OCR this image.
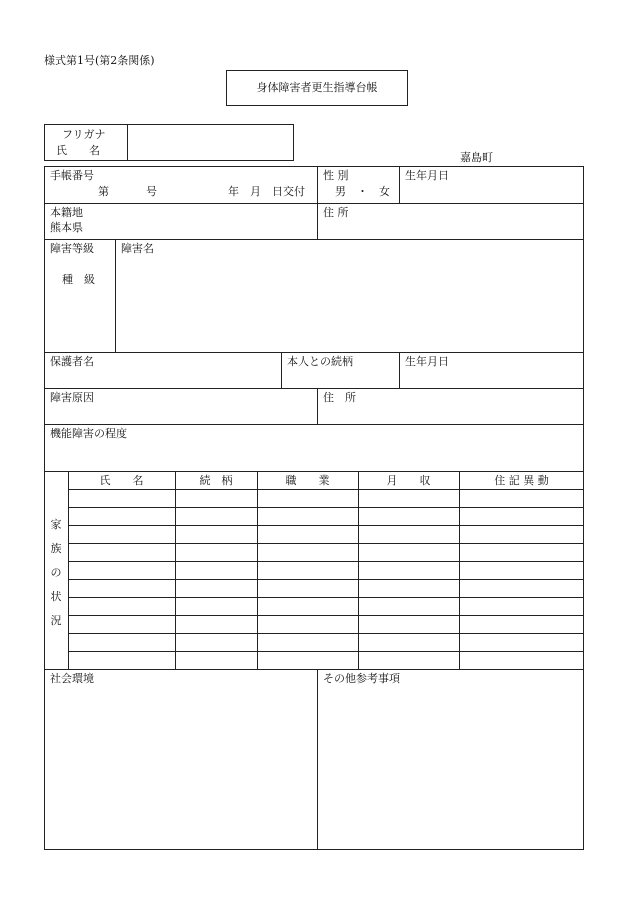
様式第1号(第2条関係)
身体障害者更生指導台帳
フリガナ
氏　　名
嘉島町
手帳番号
第	号	年　月　日交付
性 別
男　・　女
生年月日
本籍地
熊本県
住 所
障害等級
種　級
障害名
保護者名	本人との続柄	生年月日
障害原因	住　所
機能障害の程度
家
族
の
状
況
氏　　名	続　柄	職　　業	月　　収	住 記 異 動
社会環境	その他参考事項
